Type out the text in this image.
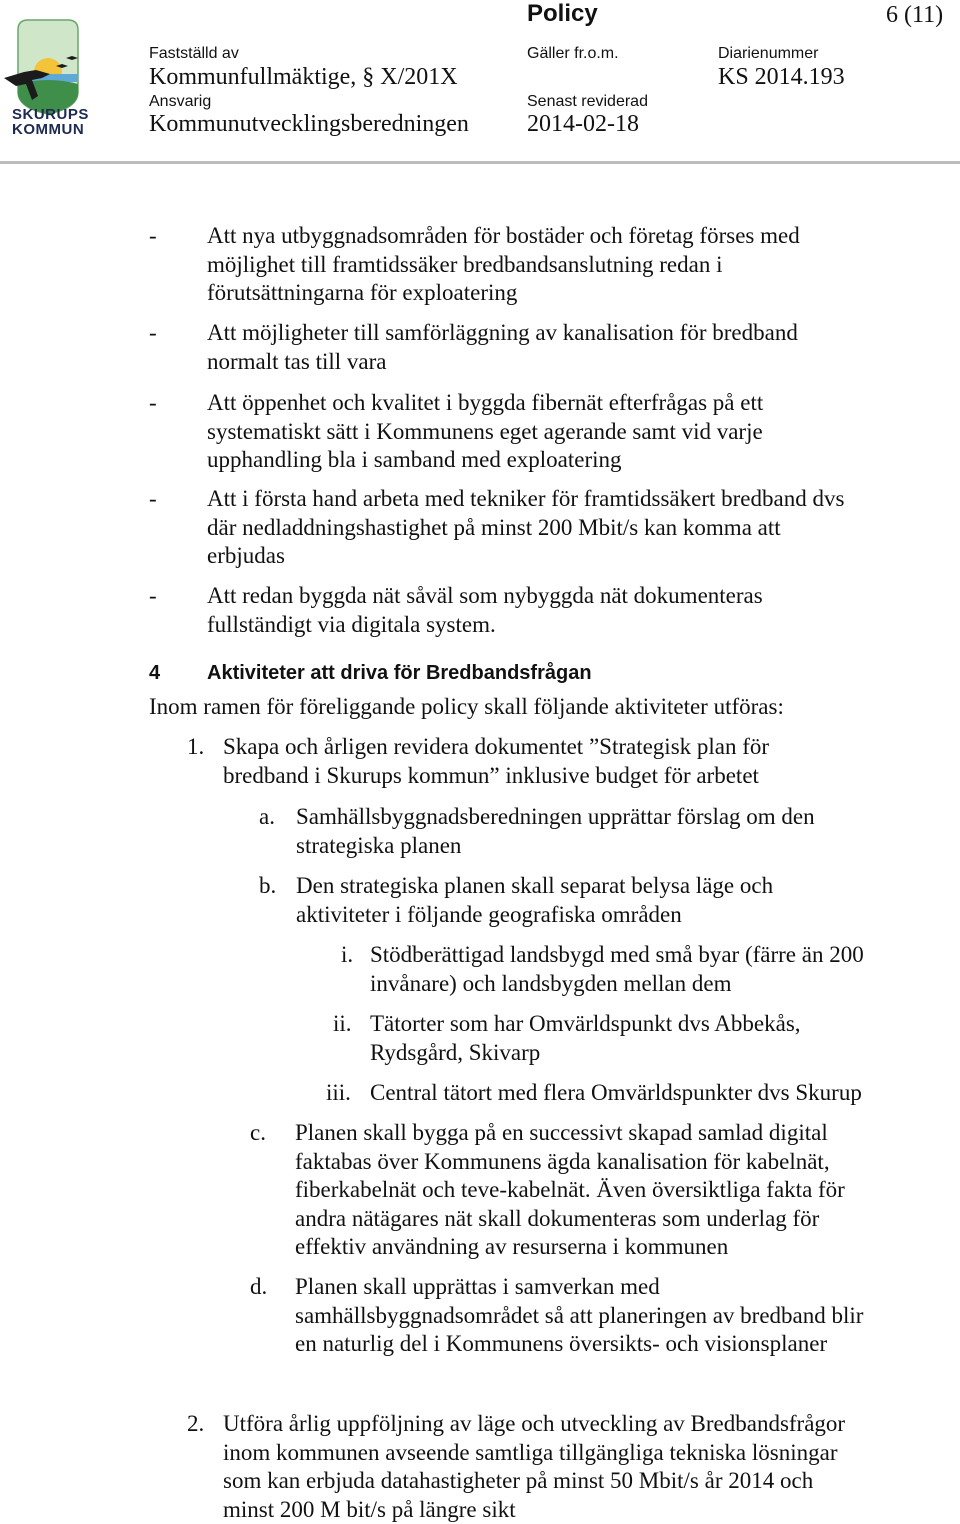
SKURUPS
KOMMUN
Policy	6 (11)
Fastställd av
Kommunfullmäktige, § X/201X
Gäller fr.o.m.	Diarienummer
KS 2014.193
Ansvarig
Kommunutvecklingsberedningen
Senast reviderad
2014-02-18
- Att nya utbyggnadsområden för bostäder och företag förses med
möjlighet till framtidssäker bredbandsanslutning redan i
förutsättningarna för exploatering
- Att möjligheter till samförläggning av kanalisation för bredband
normalt tas till vara
- Att öppenhet och kvalitet i byggda fibernät efterfrågas på ett
systematiskt sätt i Kommunens eget agerande samt vid varje
upphandling bla i samband med exploatering
- Att i första hand arbeta med tekniker för framtidssäkert bredband dvs
där nedladdningshastighet på minst 200 Mbit/s kan komma att
erbjudas
- Att redan byggda nät såväl som nybyggda nät dokumenteras
fullständigt via digitala system.
4 Aktiviteter att driva för Bredbandsfrågan
Inom ramen för föreliggande policy skall följande aktiviteter utföras:
1. Skapa och årligen revidera dokumentet ”Strategisk plan för
bredband i Skurups kommun” inklusive budget för arbetet
a. Samhällsbyggnadsberedningen upprättar förslag om den
strategiska planen
b. Den strategiska planen skall separat belysa läge och
aktiviteter i följande geografiska områden
i. Stödberättigad landsbygd med små byar (färre än 200
invånare) och landsbygden mellan dem
ii. Tätorter som har Omvärldspunkt dvs Abbekås,
Rydsgård, Skivarp
iii. Central tätort med flera Omvärldspunkter dvs Skurup
c. Planen skall bygga på en successivt skapad samlad digital
faktabas över Kommunens ägda kanalisation för kabelnät,
fiberkabelnät och teve-kabelnät. Även översiktliga fakta för
andra nätägares nät skall dokumenteras som underlag för
effektiv användning av resurserna i kommunen
d. Planen skall upprättas i samverkan med
samhällsbyggnadsområdet så att planeringen av bredband blir
en naturlig del i Kommunens översikts- och visionsplaner
2. Utföra årlig uppföljning av läge och utveckling av Bredbandsfrågor
inom kommunen avseende samtliga tillgängliga tekniska lösningar
som kan erbjuda datahastigheter på minst 50 Mbit/s år 2014 och
minst 200 M bit/s på längre sikt
